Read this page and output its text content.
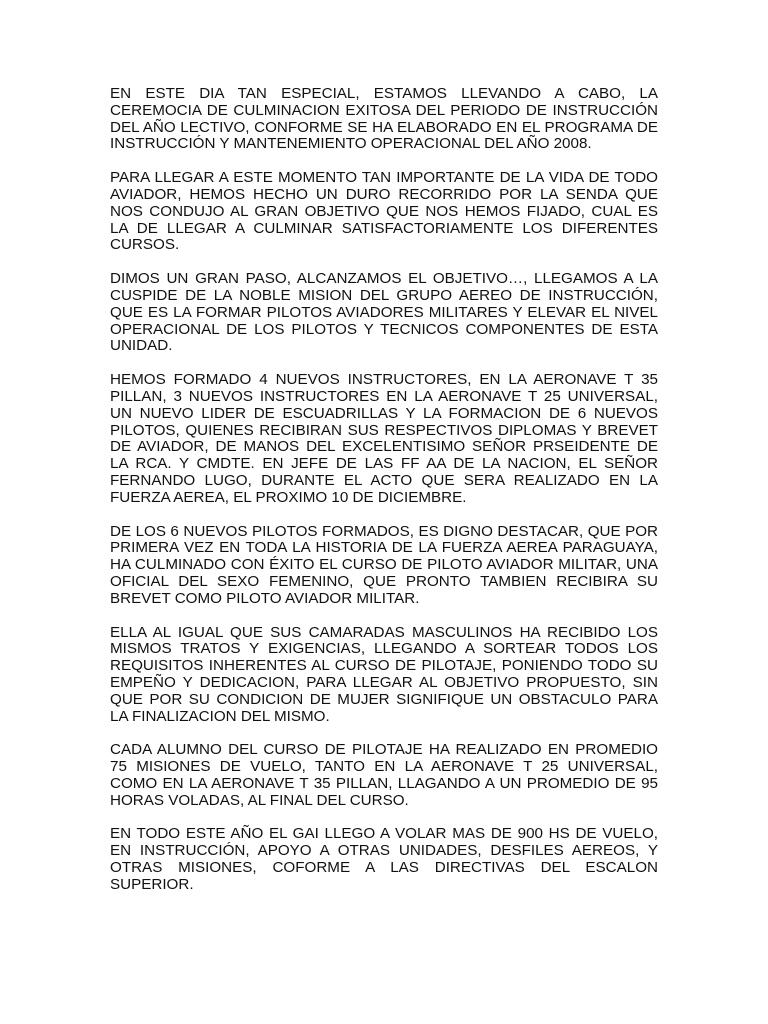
EN ESTE DIA TAN ESPECIAL, ESTAMOS LLEVANDO A CABO, LA CEREMOCIA DE CULMINACION EXITOSA DEL PERIODO DE INSTRUCCIÓN DEL AÑO LECTIVO, CONFORME SE HA ELABORADO EN EL PROGRAMA DE INSTRUCCIÓN Y MANTENEMIENTO OPERACIONAL DEL AÑO 2008.

PARA LLEGAR A ESTE MOMENTO TAN IMPORTANTE DE LA VIDA DE TODO AVIADOR, HEMOS HECHO UN DURO RECORRIDO POR LA SENDA QUE NOS CONDUJO AL GRAN OBJETIVO QUE NOS HEMOS FIJADO, CUAL ES LA DE LLEGAR A CULMINAR SATISFACTORIAMENTE LOS DIFERENTES CURSOS.

DIMOS UN GRAN PASO, ALCANZAMOS EL OBJETIVO…, LLEGAMOS A LA CUSPIDE DE LA NOBLE MISION DEL GRUPO AEREO DE INSTRUCCIÓN, QUE ES LA FORMAR PILOTOS AVIADORES MILITARES Y ELEVAR EL NIVEL OPERACIONAL DE LOS PILOTOS Y TECNICOS COMPONENTES DE ESTA UNIDAD.

HEMOS FORMADO 4 NUEVOS INSTRUCTORES, EN LA AERONAVE T 35 PILLAN, 3 NUEVOS INSTRUCTORES EN LA AERONAVE T 25 UNIVERSAL, UN NUEVO LIDER DE ESCUADRILLAS Y LA FORMACION DE 6 NUEVOS PILOTOS, QUIENES RECIBIRAN SUS RESPECTIVOS DIPLOMAS Y BREVET DE AVIADOR, DE MANOS DEL EXCELENTISIMO SEÑOR PRSEIDENTE DE LA RCA. Y CMDTE. EN JEFE DE LAS FF AA DE LA NACION, EL SEÑOR FERNANDO LUGO, DURANTE EL ACTO QUE SERA REALIZADO EN LA FUERZA AEREA, EL PROXIMO 10 DE DICIEMBRE.

DE LOS 6 NUEVOS PILOTOS FORMADOS, ES DIGNO DESTACAR, QUE POR PRIMERA VEZ EN TODA LA HISTORIA DE LA FUERZA AEREA PARAGUAYA, HA CULMINADO CON ÉXITO EL CURSO DE PILOTO AVIADOR MILITAR, UNA OFICIAL DEL SEXO FEMENINO, QUE PRONTO TAMBIEN RECIBIRA SU BREVET COMO PILOTO AVIADOR MILITAR.

ELLA AL IGUAL QUE SUS CAMARADAS MASCULINOS HA RECIBIDO LOS MISMOS TRATOS Y EXIGENCIAS, LLEGANDO A SORTEAR TODOS LOS REQUISITOS INHERENTES AL CURSO DE PILOTAJE, PONIENDO TODO SU EMPEÑO Y DEDICACION, PARA LLEGAR AL OBJETIVO PROPUESTO, SIN QUE POR SU CONDICION DE MUJER SIGNIFIQUE UN OBSTACULO PARA LA FINALIZACION DEL MISMO.

CADA ALUMNO DEL CURSO DE PILOTAJE HA REALIZADO EN PROMEDIO 75 MISIONES DE VUELO, TANTO EN LA AERONAVE T 25 UNIVERSAL, COMO EN LA AERONAVE T 35 PILLAN, LLAGANDO A UN PROMEDIO DE 95 HORAS VOLADAS, AL FINAL DEL CURSO.

EN TODO ESTE AÑO EL GAI LLEGO A VOLAR MAS DE 900 HS DE VUELO, EN INSTRUCCIÓN, APOYO A OTRAS UNIDADES, DESFILES AEREOS, Y OTRAS MISIONES, COFORME A LAS DIRECTIVAS DEL ESCALON SUPERIOR.
